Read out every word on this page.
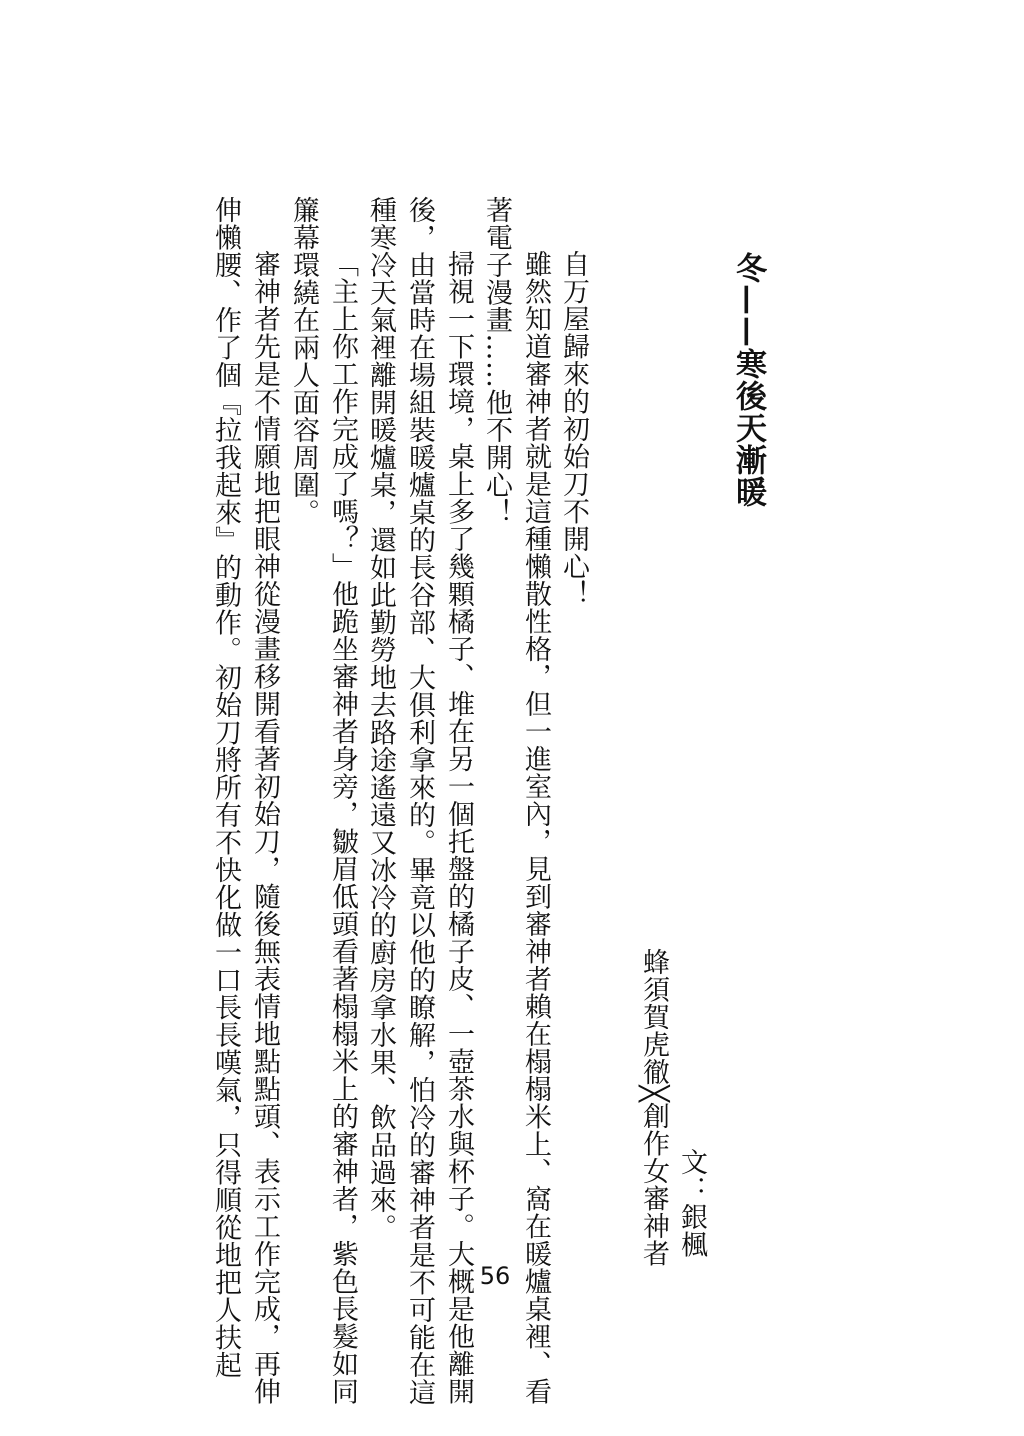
冬——寒後天漸暖
文：銀楓
蜂須賀虎徹╳創作女審神者
自万屋歸來的初始刀不開心！
雖然知道審神者就是這種懶散性格，但一進室內，見到審神者賴在榻榻米上、窩在暖爐桌裡、看
著電子漫畫……他不開心！
掃視一下環境，桌上多了幾顆橘子、堆在另一個托盤的橘子皮、一壺茶水與杯子。大概是他離開
後，由當時在場組裝暖爐桌的長谷部、大俱利拿來的。畢竟以他的瞭解，怕冷的審神者是不可能在這
種寒冷天氣裡離開暖爐桌，還如此勤勞地去路途遙遠又冰冷的廚房拿水果、飲品過來。
「主上你工作完成了嗎？」他跪坐審神者身旁，皺眉低頭看著榻榻米上的審神者，紫色長髮如同
簾幕環繞在兩人面容周圍。
審神者先是不情願地把眼神從漫畫移開看著初始刀，隨後無表情地點點頭、表示工作完成，再伸
伸懶腰、作了個『拉我起來』的動作。初始刀將所有不快化做一口長長嘆氣，只得順從地把人扶起	56
